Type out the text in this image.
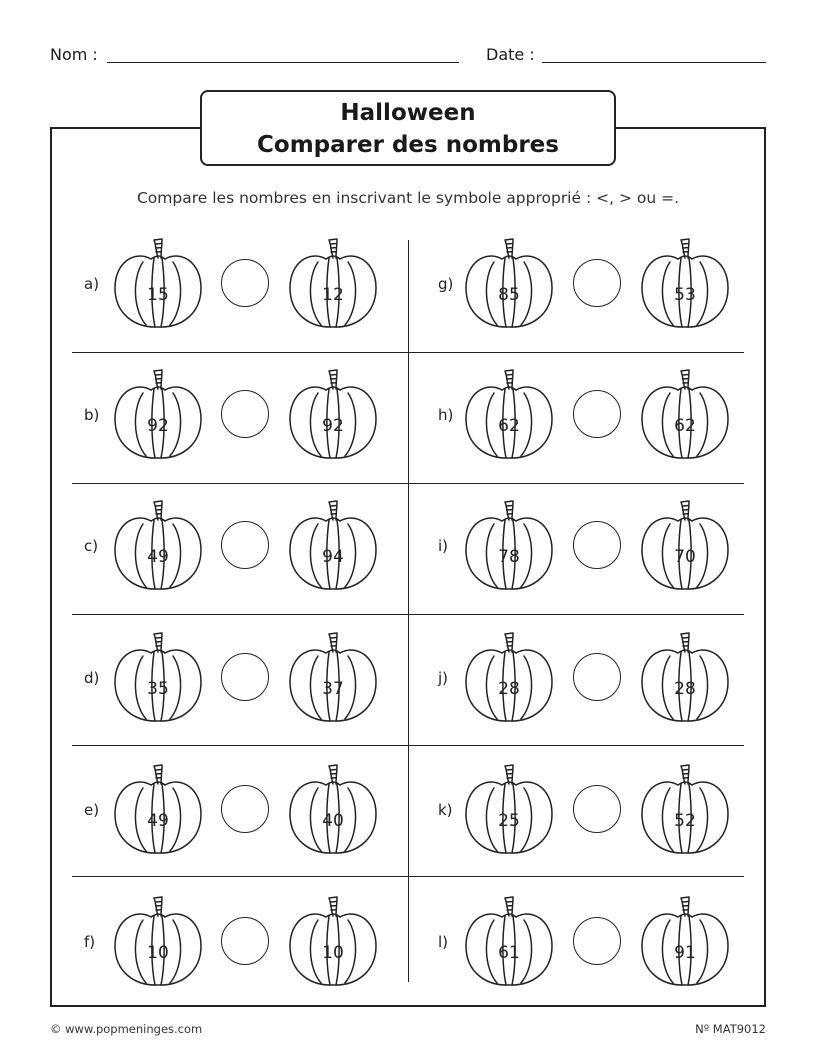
Nom :	Date :
Halloween
Comparer des nombres
Compare les nombres en inscrivant le symbole approprié : <, > ou =.
a)
15	12
b)
92	92
c)
49	94
d)
35	37
e)
49	40
f)
10	10
g)
85	53
h)
62	62
i)
78	70
j)
28	28
k)
25	52
l)
61	91
© www.popmeninges.com	Nº MAT9012
